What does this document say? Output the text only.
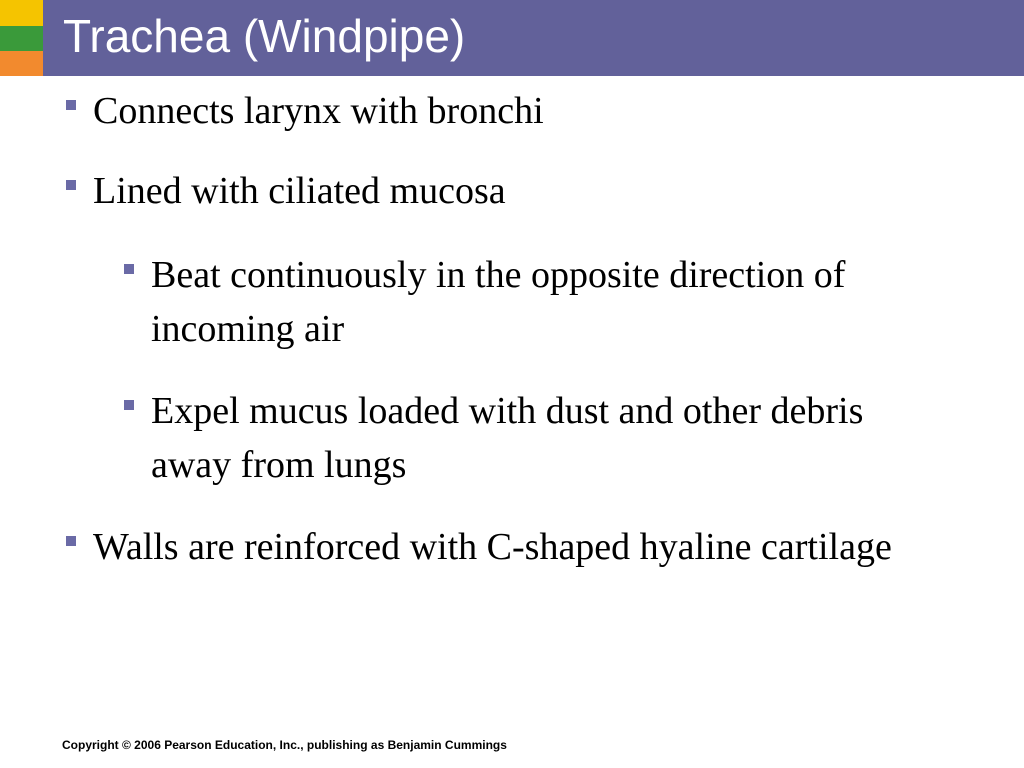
Trachea (Windpipe)
Connects larynx with bronchi
Lined with ciliated mucosa
Beat continuously in the opposite direction of incoming air
Expel mucus loaded with dust and other debris away from lungs
Walls are reinforced with C-shaped hyaline cartilage

Copyright © 2006 Pearson Education, Inc., publishing as Benjamin Cummings
